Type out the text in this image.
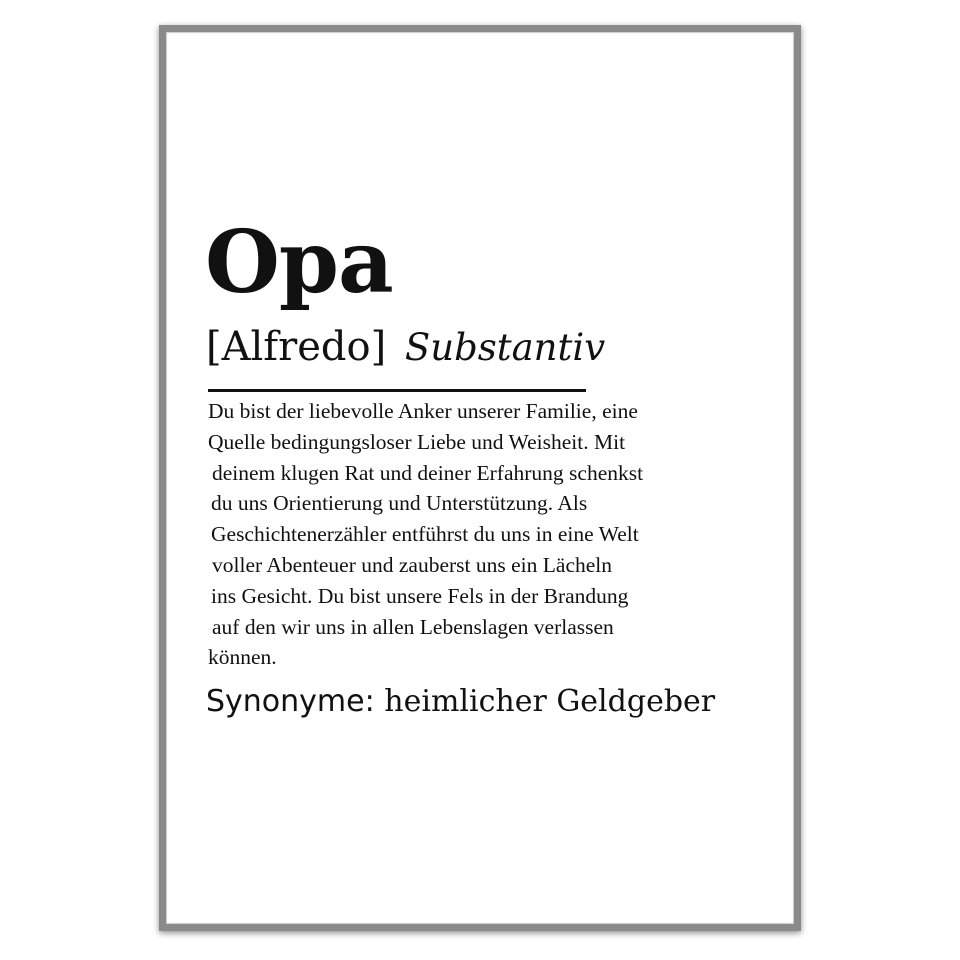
Opa
[Alfredo] Substantiv
Du bist der liebevolle Anker unserer Familie, eine
Quelle bedingungsloser Liebe und Weisheit. Mit
deinem klugen Rat und deiner Erfahrung schenkst
du uns Orientierung und Unterstützung. Als
Geschichtenerzähler entführst du uns in eine Welt
voller Abenteuer und zauberst uns ein Lächeln
ins Gesicht. Du bist unsere Fels in der Brandung
auf den wir uns in allen Lebenslagen verlassen
können.
Synonyme: heimlicher Geldgeber
